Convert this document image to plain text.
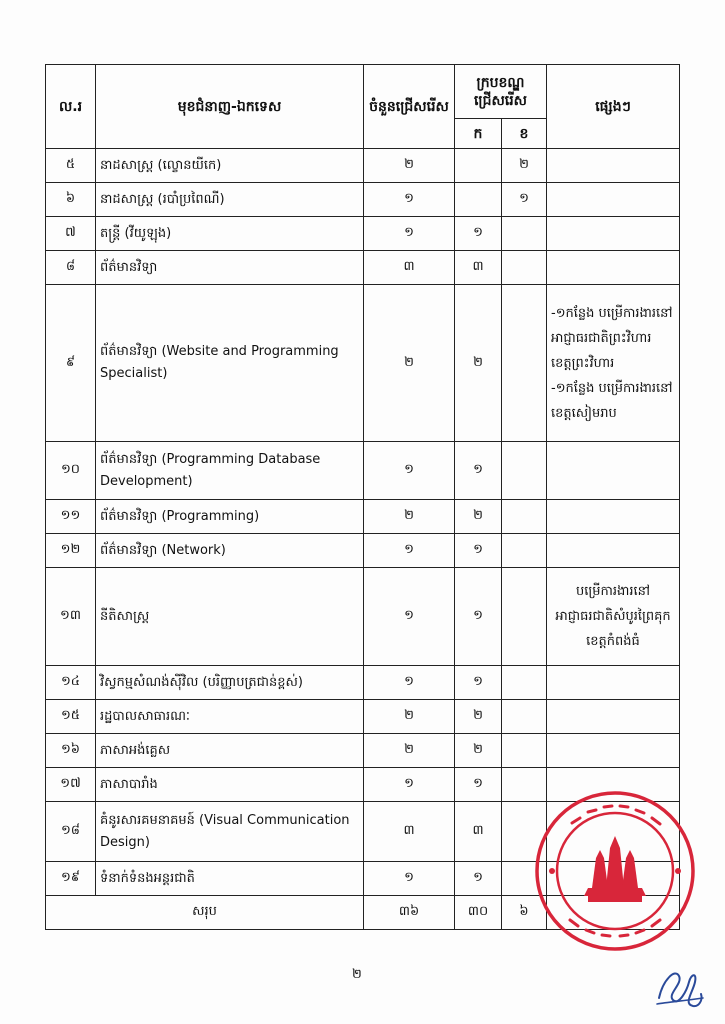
ល.រ	មុខជំនាញ-ឯកទេស	ចំនួនជ្រើសរើស	ក្របខណ្ឌជ្រើសរើស		ផ្សេងៗ
			ក	ខ	
៥	នាដសាស្ត្រ (ល្ខោនយីកេ)	២		២	
៦	នាដសាស្ត្រ (របាំប្រពៃណី)	១		១	
៧	តន្ត្រី (វីយូឡុង)	១	១		
៨	ព័ត៌មានវិទ្យា	៣	៣		
៩	ព័ត៌មានវិទ្យា (Website and Programming Specialist)	២	២		-១កន្លែង បម្រើការងារនៅ
អាជ្ញាធរជាតិព្រះវិហារ
ខេត្តព្រះវិហារ
-១កន្លែង បម្រើការងារនៅ
ខេត្តសៀមរាប

១០	ព័ត៌មានវិទ្យា (Programming Database Development)	១	១		
១១	ព័ត៌មានវិទ្យា (Programming)	២	២		
១២	ព័ត៌មានវិទ្យា (Network)	១	១		
១៣	នីតិសាស្ត្រ	១	១		បម្រើការងារនៅ
អាជ្ញាធរជាតិសំបូរព្រៃគុក
ខេត្តកំពង់ធំ

១៤	វិស្វកម្មសំណង់ស៊ីវិល (បរិញ្ញាបត្រជាន់ខ្ពស់)	១	១		
១៥	រដ្ឋបាលសាធារណៈ	២	២		
១៦	ភាសាអង់គ្លេស	២	២		
១៧	ភាសាបារាំង	១	១		
១៨	គំនូរសារគមនាគមន៍ (Visual Communication Design)	៣	៣		
១៩	ទំនាក់ទំនងអន្តរជាតិ	១	១		
សរុប		៣៦	៣០	៦	
២
